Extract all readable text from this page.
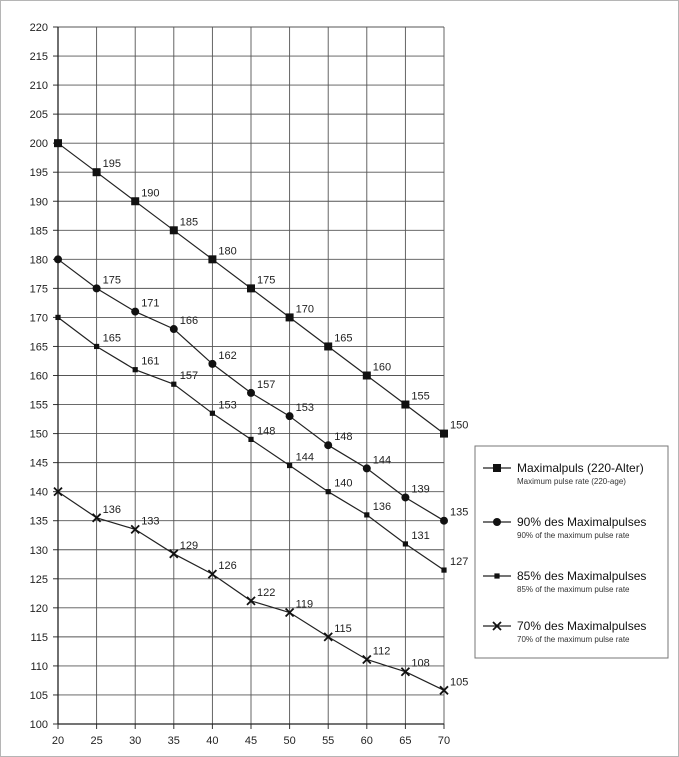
20 25 30 35 40 45 50 55 60 65 70
100
105
110
115
120
125
130
135
140
145
150
155
160
165
170
175
180
185
190
195
200
205
210
215
220
195
190
185
180
175
170
165
160
155
150
175
171
166
162
157
153
148
144
139
135
165
161
157
153
148
144
140
136
131
127
136
133
129
126
122
119
115
112
108
105
Maximalpuls (220-Alter)
Maximum pulse rate (220-age)
90% des Maximalpulses
90% of the maximum pulse rate
85% des Maximalpulses
85% of the maximum pulse rate
70% des Maximalpulses
70% of the maximum pulse rate
